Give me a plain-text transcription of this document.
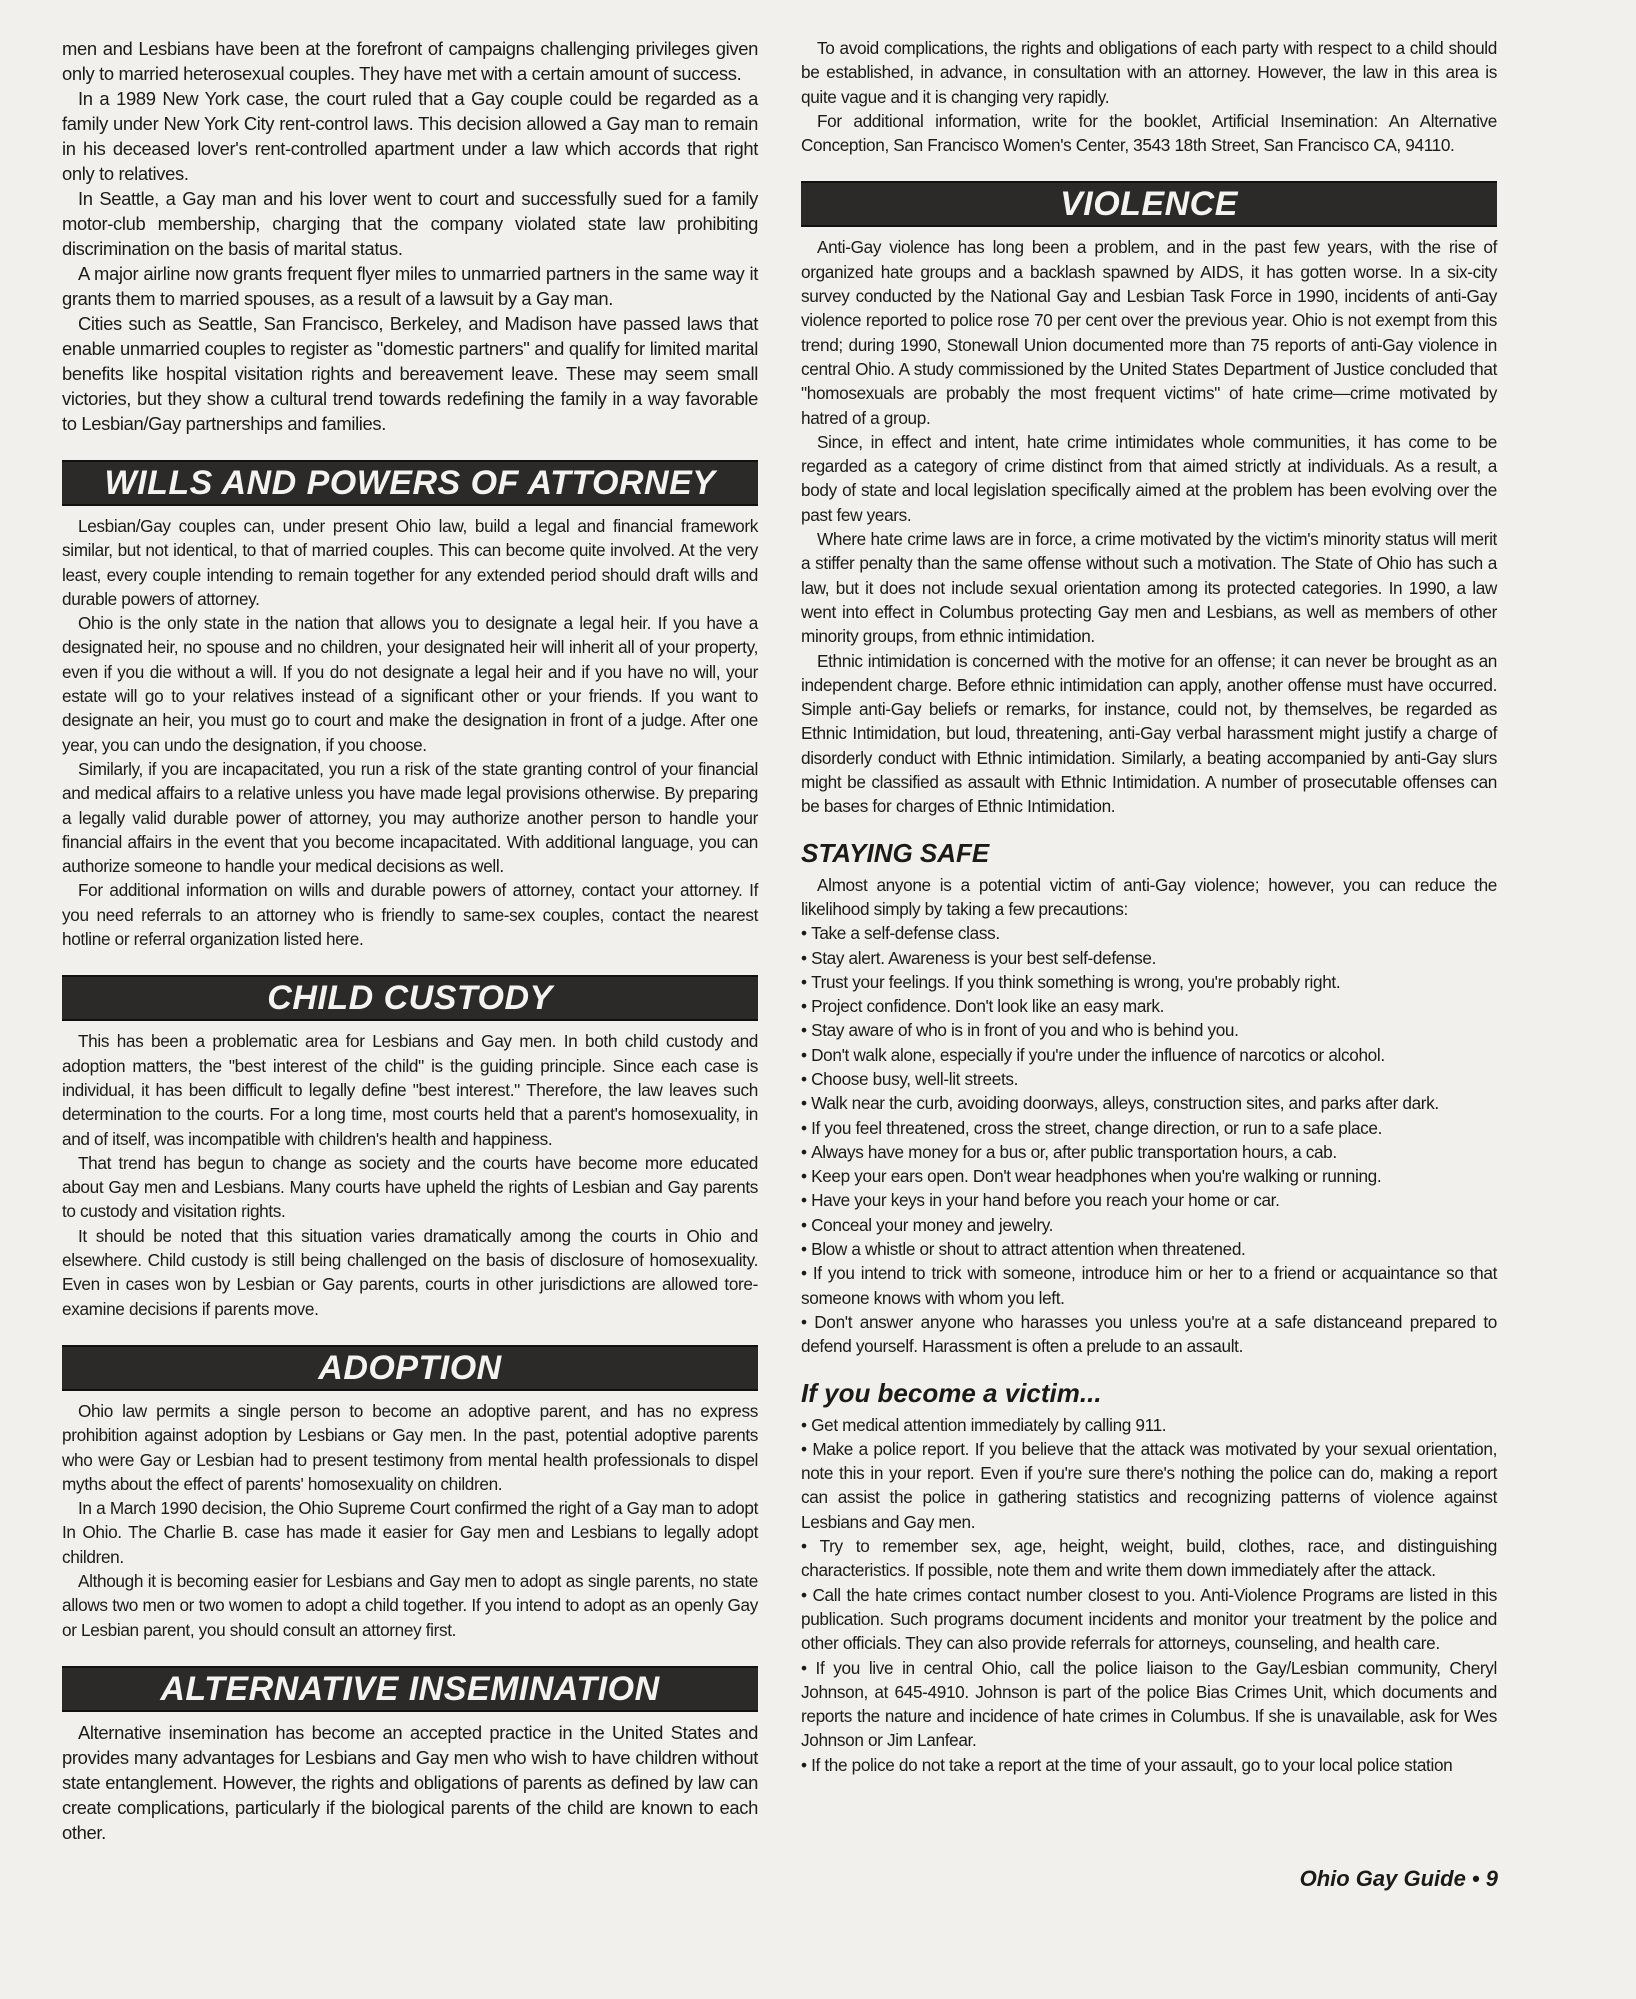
men and Lesbians have been at the forefront of campaigns challenging privileges given only to married heterosexual couples. They have met with a certain amount of success.

In a 1989 New York case, the court ruled that a Gay couple could be regarded as a family under New York City rent-control laws. This decision allowed a Gay man to remain in his deceased lover's rent-controlled apartment under a law which accords that right only to relatives.

In Seattle, a Gay man and his lover went to court and successfully sued for a family motor-club membership, charging that the company violated state law prohibiting discrimination on the basis of marital status.

A major airline now grants frequent flyer miles to unmarried partners in the same way it grants them to married spouses, as a result of a lawsuit by a Gay man.

Cities such as Seattle, San Francisco, Berkeley, and Madison have passed laws that enable unmarried couples to register as "domestic partners" and qualify for limited marital benefits like hospital visitation rights and bereavement leave. These may seem small victories, but they show a cultural trend towards redefining the family in a way favorable to Lesbian/Gay partnerships and families.

WILLS AND POWERS OF ATTORNEY

Lesbian/Gay couples can, under present Ohio law, build a legal and financial framework similar, but not identical, to that of married couples. This can become quite involved. At the very least, every couple intending to remain together for any extended period should draft wills and durable powers of attorney.

Ohio is the only state in the nation that allows you to designate a legal heir. If you have a designated heir, no spouse and no children, your designated heir will inherit all of your property, even if you die without a will. If you do not designate a legal heir and if you have no will, your estate will go to your relatives instead of a significant other or your friends. If you want to designate an heir, you must go to court and make the designation in front of a judge. After one year, you can undo the designation, if you choose.

Similarly, if you are incapacitated, you run a risk of the state granting control of your financial and medical affairs to a relative unless you have made legal provisions otherwise. By preparing a legally valid durable power of attorney, you may authorize another person to handle your financial affairs in the event that you become incapacitated. With additional language, you can authorize someone to handle your medical decisions as well.

For additional information on wills and durable powers of attorney, contact your attorney. If you need referrals to an attorney who is friendly to same-sex couples, contact the nearest hotline or referral organization listed here.

CHILD CUSTODY

This has been a problematic area for Lesbians and Gay men. In both child custody and adoption matters, the "best interest of the child" is the guiding principle. Since each case is individual, it has been difficult to legally define "best interest." Therefore, the law leaves such determination to the courts. For a long time, most courts held that a parent's homosexuality, in and of itself, was incompatible with children's health and happiness.

That trend has begun to change as society and the courts have become more educated about Gay men and Lesbians. Many courts have upheld the rights of Lesbian and Gay parents to custody and visitation rights.

It should be noted that this situation varies dramatically among the courts in Ohio and elsewhere. Child custody is still being challenged on the basis of disclosure of homosexuality. Even in cases won by Lesbian or Gay parents, courts in other jurisdictions are allowed tore-examine decisions if parents move.

ADOPTION

Ohio law permits a single person to become an adoptive parent, and has no express prohibition against adoption by Lesbians or Gay men. In the past, potential adoptive parents who were Gay or Lesbian had to present testimony from mental health professionals to dispel myths about the effect of parents' homosexuality on children.

In a March 1990 decision, the Ohio Supreme Court confirmed the right of a Gay man to adopt In Ohio. The Charlie B. case has made it easier for Gay men and Lesbians to legally adopt children.

Although it is becoming easier for Lesbians and Gay men to adopt as single parents, no state allows two men or two women to adopt a child together. If you intend to adopt as an openly Gay or Lesbian parent, you should consult an attorney first.

ALTERNATIVE INSEMINATION

Alternative insemination has become an accepted practice in the United States and provides many advantages for Lesbians and Gay men who wish to have children without state entanglement. However, the rights and obligations of parents as defined by law can create complications, particularly if the biological parents of the child are known to each other.

To avoid complications, the rights and obligations of each party with respect to a child should be established, in advance, in consultation with an attorney. However, the law in this area is quite vague and it is changing very rapidly.

For additional information, write for the booklet, Artificial Insemination: An Alternative Conception, San Francisco Women's Center, 3543 18th Street, San Francisco CA, 94110.

VIOLENCE

Anti-Gay violence has long been a problem, and in the past few years, with the rise of organized hate groups and a backlash spawned by AIDS, it has gotten worse. In a six-city survey conducted by the National Gay and Lesbian Task Force in 1990, incidents of anti-Gay violence reported to police rose 70 per cent over the previous year. Ohio is not exempt from this trend; during 1990, Stonewall Union documented more than 75 reports of anti-Gay violence in central Ohio. A study commissioned by the United States Department of Justice concluded that "homosexuals are probably the most frequent victims" of hate crime—crime motivated by hatred of a group.

Since, in effect and intent, hate crime intimidates whole communities, it has come to be regarded as a category of crime distinct from that aimed strictly at individuals. As a result, a body of state and local legislation specifically aimed at the problem has been evolving over the past few years.

Where hate crime laws are in force, a crime motivated by the victim's minority status will merit a stiffer penalty than the same offense without such a motivation. The State of Ohio has such a law, but it does not include sexual orientation among its protected categories. In 1990, a law went into effect in Columbus protecting Gay men and Lesbians, as well as members of other minority groups, from ethnic intimidation.

Ethnic intimidation is concerned with the motive for an offense; it can never be brought as an independent charge. Before ethnic intimidation can apply, another offense must have occurred. Simple anti-Gay beliefs or remarks, for instance, could not, by themselves, be regarded as Ethnic Intimidation, but loud, threatening, anti-Gay verbal harassment might justify a charge of disorderly conduct with Ethnic intimidation. Similarly, a beating accompanied by anti-Gay slurs might be classified as assault with Ethnic Intimidation. A number of prosecutable offenses can be bases for charges of Ethnic Intimidation.

STAYING SAFE

Almost anyone is a potential victim of anti-Gay violence; however, you can reduce the likelihood simply by taking a few precautions:

• Take a self-defense class.
• Stay alert. Awareness is your best self-defense.
• Trust your feelings. If you think something is wrong, you're probably right.
• Project confidence. Don't look like an easy mark.
• Stay aware of who is in front of you and who is behind you.
• Don't walk alone, especially if you're under the influence of narcotics or alcohol.
• Choose busy, well-lit streets.
• Walk near the curb, avoiding doorways, alleys, construction sites, and parks after dark.
• If you feel threatened, cross the street, change direction, or run to a safe place.
• Always have money for a bus or, after public transportation hours, a cab.
• Keep your ears open. Don't wear headphones when you're walking or running.
• Have your keys in your hand before you reach your home or car.
• Conceal your money and jewelry.
• Blow a whistle or shout to attract attention when threatened.
• If you intend to trick with someone, introduce him or her to a friend or acquaintance so that someone knows with whom you left.
• Don't answer anyone who harasses you unless you're at a safe distanceand prepared to defend yourself. Harassment is often a prelude to an assault.
If you become a victim...
• Get medical attention immediately by calling 911.
• Make a police report. If you believe that the attack was motivated by your sexual orientation, note this in your report. Even if you're sure there's nothing the police can do, making a report can assist the police in gathering statistics and recognizing patterns of violence against Lesbians and Gay men.
• Try to remember sex, age, height, weight, build, clothes, race, and distinguishing characteristics. If possible, note them and write them down immediately after the attack.
• Call the hate crimes contact number closest to you. Anti-Violence Programs are listed in this publication. Such programs document incidents and monitor your treatment by the police and other officials. They can also provide referrals for attorneys, counseling, and health care.
• If you live in central Ohio, call the police liaison to the Gay/Lesbian community, Cheryl Johnson, at 645-4910. Johnson is part of the police Bias Crimes Unit, which documents and reports the nature and incidence of hate crimes in Columbus. If she is unavailable, ask for Wes Johnson or Jim Lanfear.
• If the police do not take a report at the time of your assault, go to your local police station
Ohio Gay Guide • 9
